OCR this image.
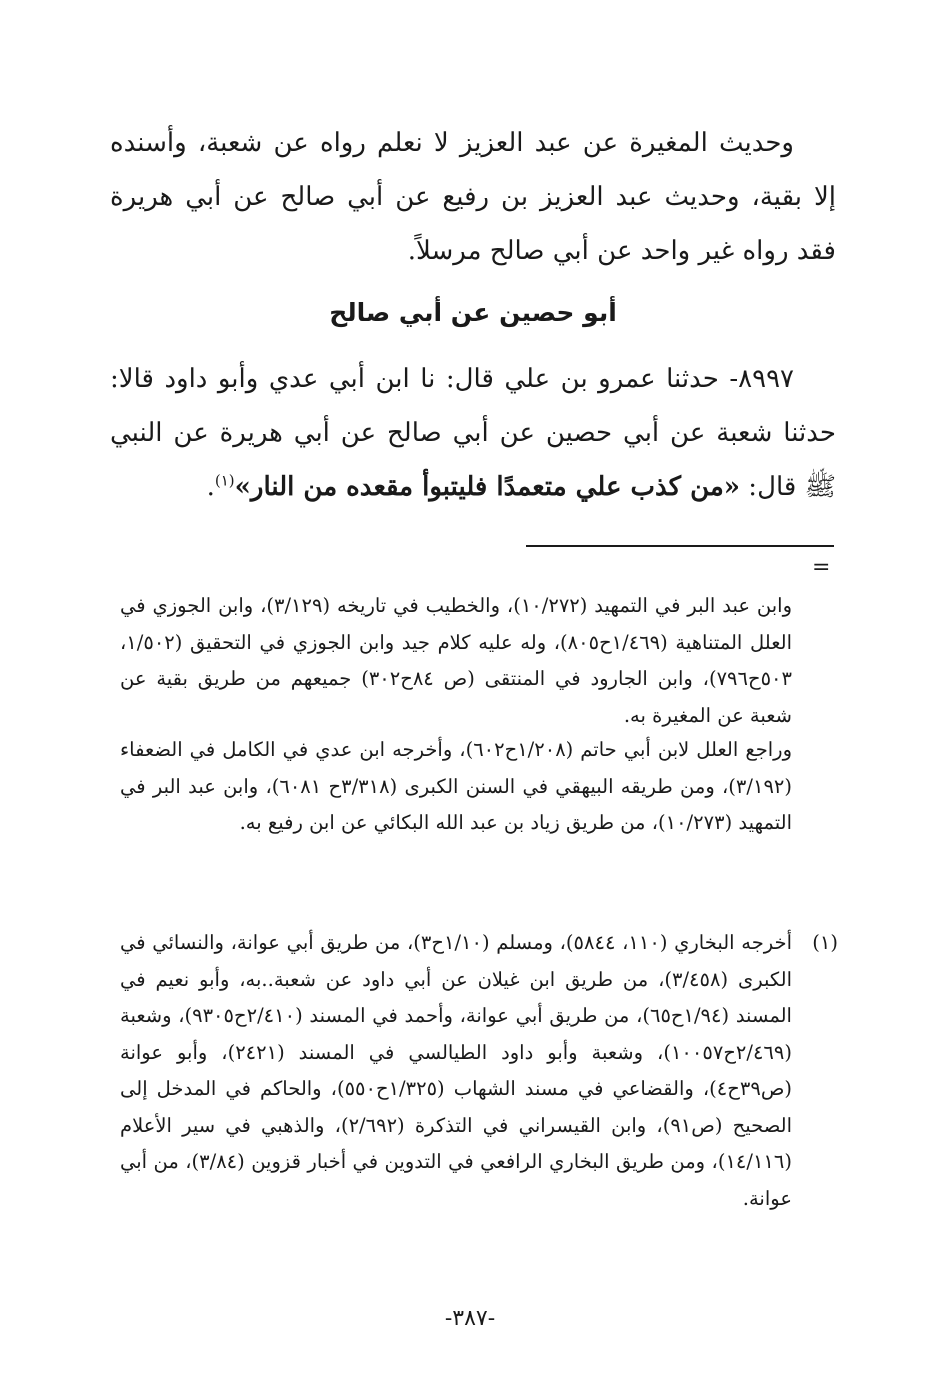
وحديث المغيرة عن عبد العزيز لا نعلم رواه عن شعبة، وأسنده إلا بقية، وحديث عبد العزيز بن رفيع عن أبي صالح عن أبي هريرة فقد رواه غير واحد عن أبي صالح مرسلاً.
أبو حصين عن أبي صالح
٨٩٩٧- حدثنا عمرو بن علي قال: نا ابن أبي عدي وأبو داود قالا: حدثنا شعبة عن أبي حصين عن أبي صالح عن أبي هريرة عن النبي ﷺ قال: «من كذب علي متعمدًا فليتبوأ مقعده من النار»$^{(١)}$.
=
وابن عبد البر في التمهيد (١٠/٢٧٢)، والخطيب في تاريخه (٣/١٢٩)، وابن الجوزي في العلل المتناهية (١/٤٦٩ح٨٠٥)، وله عليه كلام جيد وابن الجوزي في التحقيق (١/٥٠٢، ٥٠٣ح٧٩٦)، وابن الجارود في المنتقى (ص ٨٤ح٣٠٢) جميعهم من طريق بقية عن شعبة عن المغيرة به.
وراجع العلل لابن أبي حاتم (١/٢٠٨ح٦٠٢)، وأخرجه ابن عدي في الكامل في الضعفاء (٣/١٩٢)، ومن طريقه البيهقي في السنن الكبرى (٣/٣١٨ح ٦٠٨١)، وابن عبد البر في التمهيد (١٠/٢٧٣)، من طريق زياد بن عبد الله البكائي عن ابن رفيع به.
(١)
أخرجه البخاري (١١٠، ٥٨٤٤)، ومسلم (١/١٠ح٣)، من طريق أبي عوانة، والنسائي في الكبرى (٣/٤٥٨)، من طريق ابن غيلان عن أبي داود عن شعبة..به، وأبو نعيم في المسند (١/٩٤ح٦٥)، من طريق أبي عوانة، وأحمد في المسند (٢/٤١٠ح٩٣٠٥)، وشعبة (٢/٤٦٩ح١٠٠٥٧)، وشعبة وأبو داود الطيالسي في المسند (٢٤٢١)، وأبو عوانة (ص٣٩ح٤)، والقضاعي في مسند الشهاب (١/٣٢٥ح٥٥٠)، والحاكم في المدخل إلى الصحيح (ص٩١)، وابن القيسراني في التذكرة (٢/٦٩٢)، والذهبي في سير الأعلام (١٤/١١٦)، ومن طريق البخاري الرافعي في التدوين في أخبار قزوين (٣/٨٤)، من أبي عوانة.
-٣٨٧-
